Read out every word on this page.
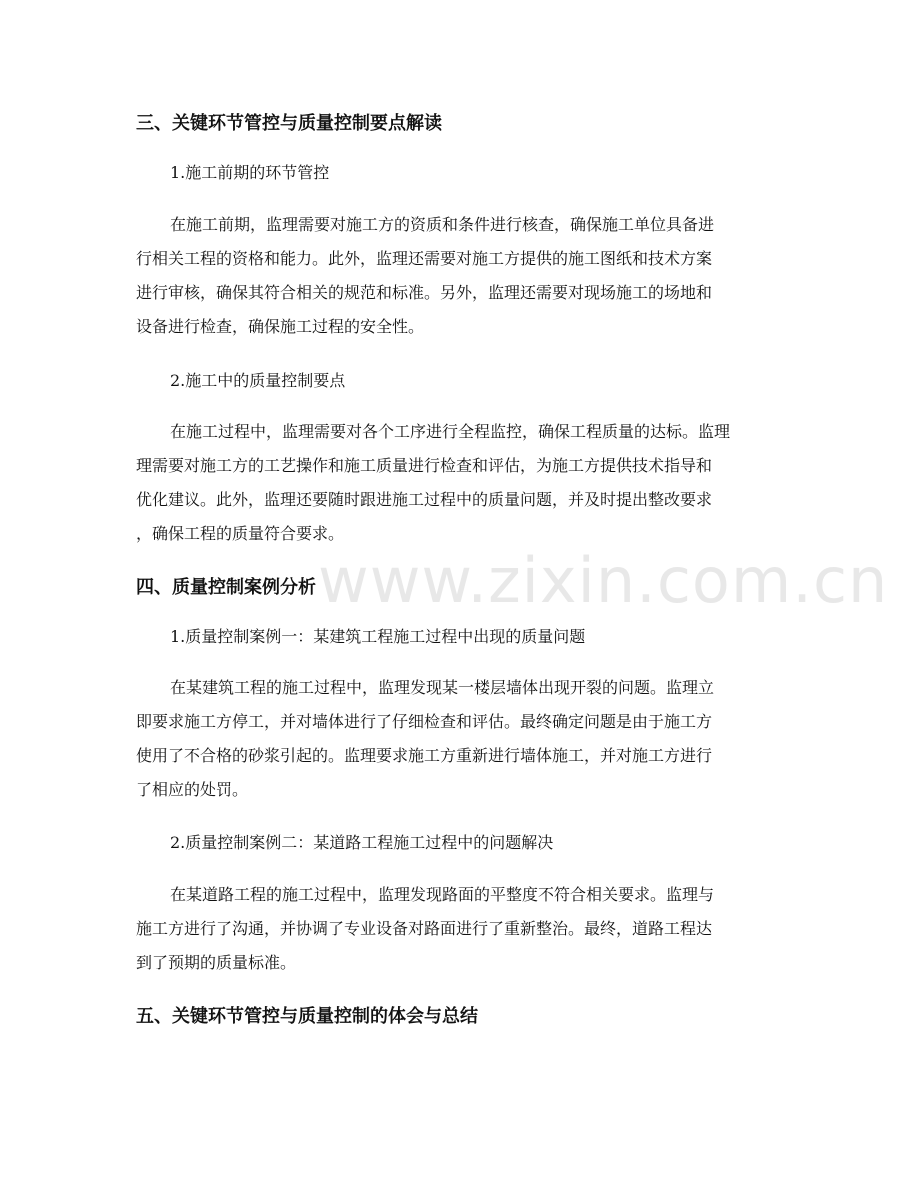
三、关键环节管控与质量控制要点解读
1.施工前期的环节管控
在施工前期，监理需要对施工方的资质和条件进行核查，确保施工单位具备进
行相关工程的资格和能力。此外，监理还需要对施工方提供的施工图纸和技术方案
进行审核，确保其符合相关的规范和标准。另外，监理还需要对现场施工的场地和
设备进行检查，确保施工过程的安全性。
2.施工中的质量控制要点
在施工过程中，监理需要对各个工序进行全程监控，确保工程质量的达标。监理
理需要对施工方的工艺操作和施工质量进行检查和评估，为施工方提供技术指导和
优化建议。此外，监理还要随时跟进施工过程中的质量问题，并及时提出整改要求
，确保工程的质量符合要求。
四、质量控制案例分析
1.质量控制案例一：某建筑工程施工过程中出现的质量问题
在某建筑工程的施工过程中，监理发现某一楼层墙体出现开裂的问题。监理立
即要求施工方停工，并对墙体进行了仔细检查和评估。最终确定问题是由于施工方
使用了不合格的砂浆引起的。监理要求施工方重新进行墙体施工，并对施工方进行
了相应的处罚。
2.质量控制案例二：某道路工程施工过程中的问题解决
在某道路工程的施工过程中，监理发现路面的平整度不符合相关要求。监理与
施工方进行了沟通，并协调了专业设备对路面进行了重新整治。最终，道路工程达
到了预期的质量标准。
五、关键环节管控与质量控制的体会与总结
www.zixin.com.cn
